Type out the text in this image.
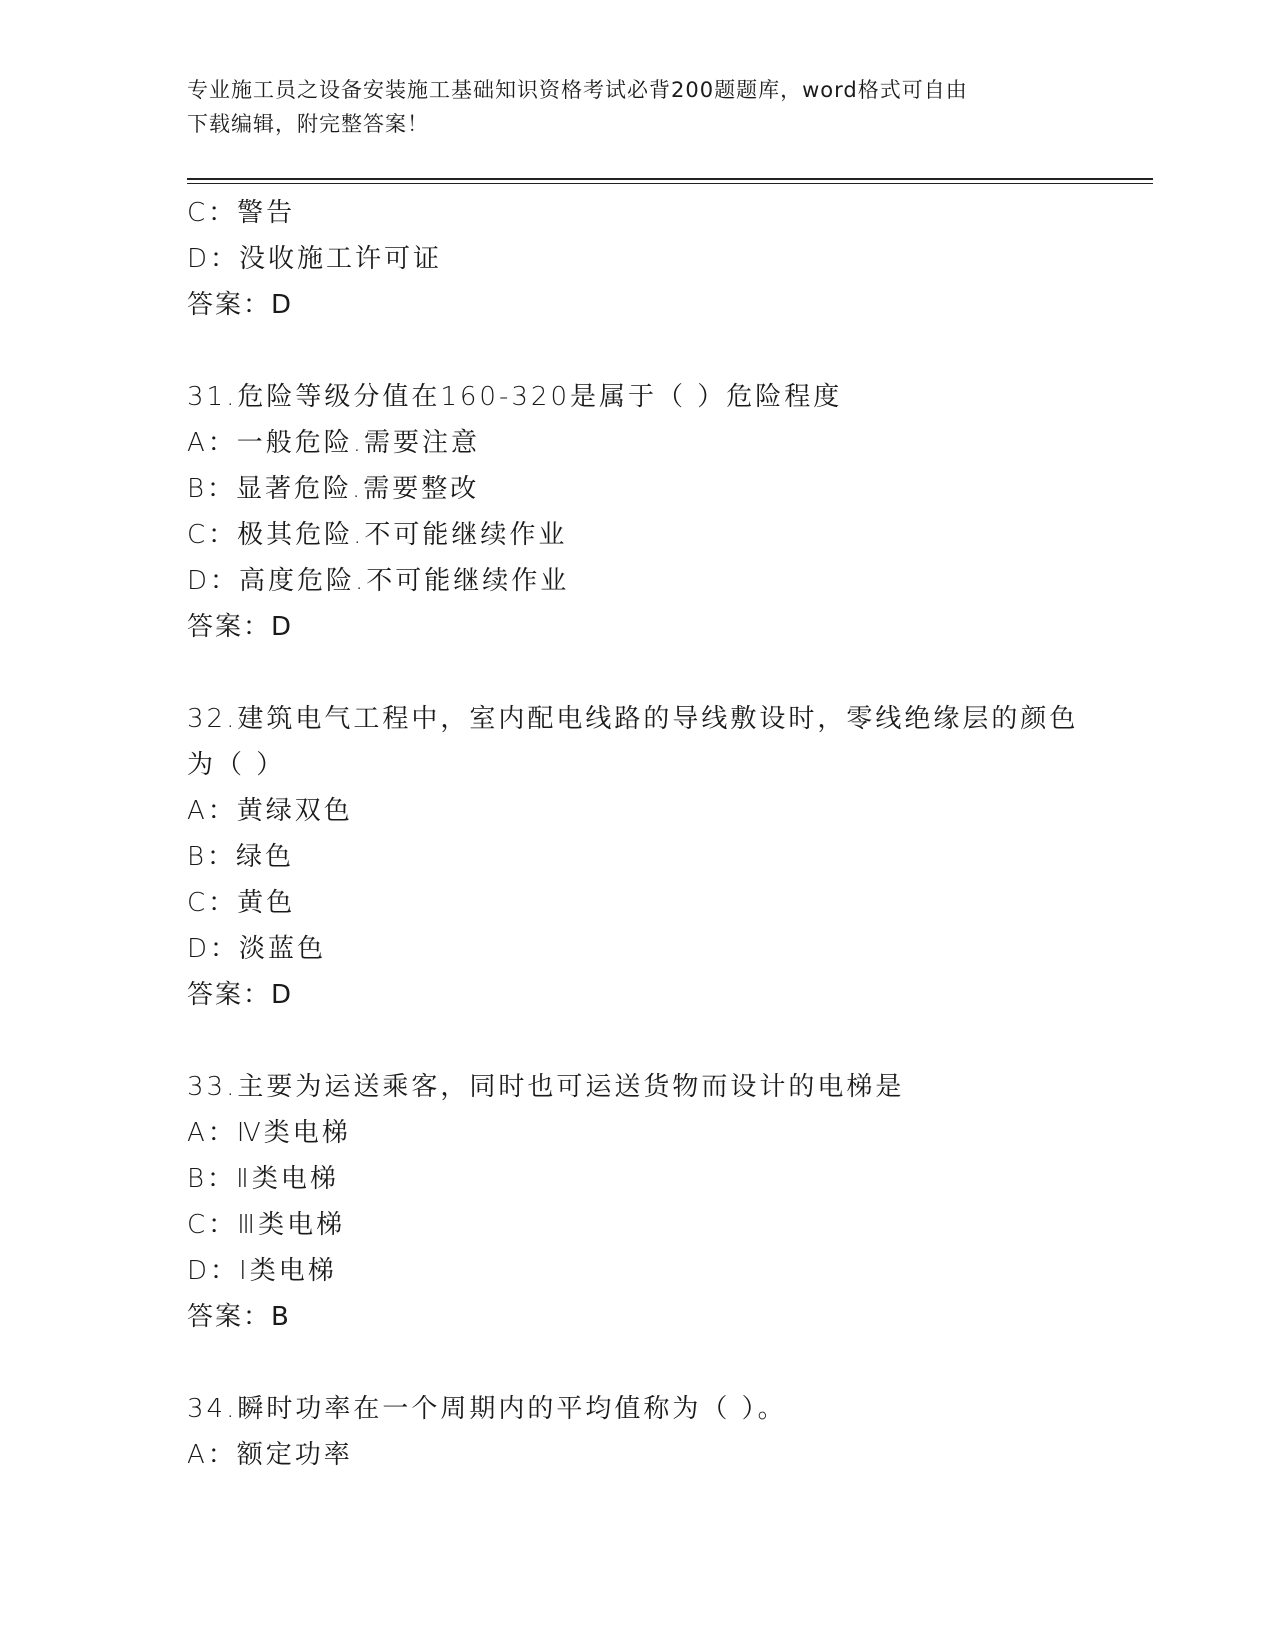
专业施工员之设备安装施工基础知识资格考试必背200题题库，word格式可自由
下载编辑，附完整答案！
C：警告
D：没收施工许可证
答案：D
31.危险等级分值在160-320是属于（ ）危险程度
A：一般危险.需要注意
B：显著危险.需要整改
C：极其危险.不可能继续作业
D：高度危险.不可能继续作业
答案：D
32.建筑电气工程中，室内配电线路的导线敷设时，零线绝缘层的颜色
为（ ）
A：黄绿双色
B：绿色
C：黄色
D：淡蓝色
答案：D
33.主要为运送乘客，同时也可运送货物而设计的电梯是
A：Ⅳ类电梯
B：Ⅱ类电梯
C：Ⅲ类电梯
D：Ⅰ类电梯
答案：B
34.瞬时功率在一个周期内的平均值称为（ ）。
A：额定功率
